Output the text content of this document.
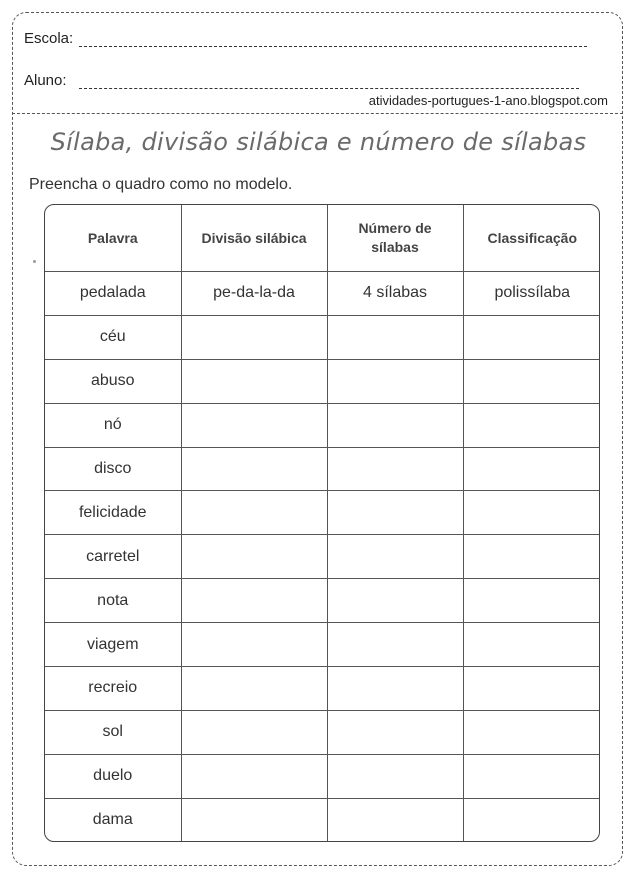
Escola:
Aluno:
atividades-portugues-1-ano.blogspot.com
Sílaba, divisão silábica e número de sílabas
Preencha o quadro como no modelo.
Palavra	Divisão silábica	Número de sílabas	Classificação
pedalada	pe-da-la-da	4 sílabas	polissílaba
céu			
abuso			
nó			
disco			
felicidade			
carretel			
nota			
viagem			
recreio			
sol			
duelo			
dama			
